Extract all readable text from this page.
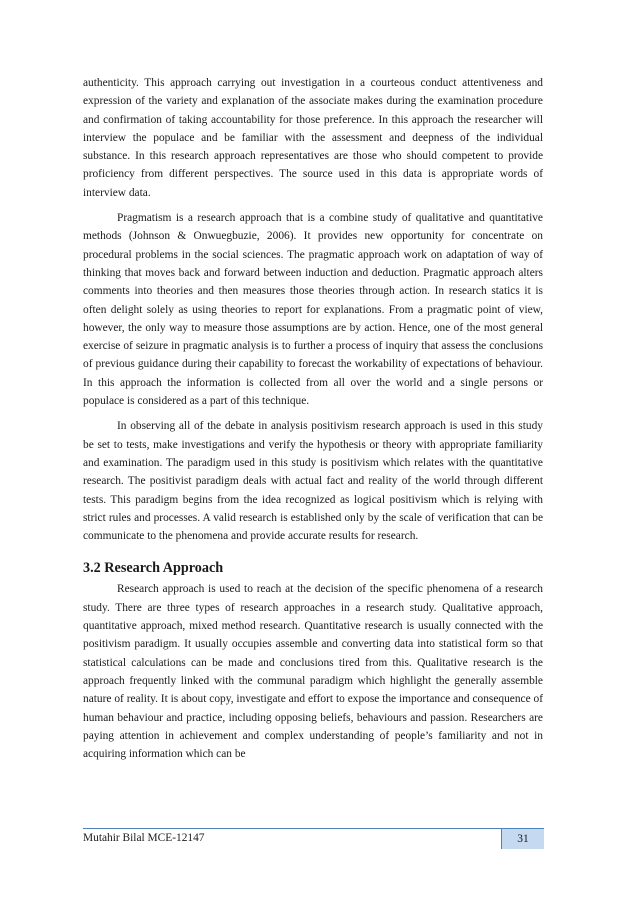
authenticity. This approach carrying out investigation in a courteous conduct attentiveness and expression of the variety and explanation of the associate makes during the examination procedure and confirmation of taking accountability for those preference. In this approach the researcher will interview the populace and be familiar with the assessment and deepness of the individual substance. In this research approach representatives are those who should competent to provide proficiency from different perspectives. The source used in this data is appropriate words of interview data.

Pragmatism is a research approach that is a combine study of qualitative and quantitative methods (Johnson & Onwuegbuzie, 2006). It provides new opportunity for concentrate on procedural problems in the social sciences. The pragmatic approach work on adaptation of way of thinking that moves back and forward between induction and deduction. Pragmatic approach alters comments into theories and then measures those theories through action. In research statics it is often delight solely as using theories to report for explanations. From a pragmatic point of view, however, the only way to measure those assumptions are by action. Hence, one of the most general exercise of seizure in pragmatic analysis is to further a process of inquiry that assess the conclusions of previous guidance during their capability to forecast the workability of expectations of behaviour. In this approach the information is collected from all over the world and a single persons or populace is considered as a part of this technique.

In observing all of the debate in analysis positivism research approach is used in this study be set to tests, make investigations and verify the hypothesis or theory with appropriate familiarity and examination. The paradigm used in this study is positivism which relates with the quantitative research. The positivist paradigm deals with actual fact and reality of the world through different tests. This paradigm begins from the idea recognized as logical positivism which is relying with strict rules and processes. A valid research is established only by the scale of verification that can be communicate to the phenomena and provide accurate results for research.

3.2 Research Approach

Research approach is used to reach at the decision of the specific phenomena of a research study. There are three types of research approaches in a research study. Qualitative approach, quantitative approach, mixed method research. Quantitative research is usually connected with the positivism paradigm. It usually occupies assemble and converting data into statistical form so that statistical calculations can be made and conclusions tired from this. Qualitative research is the approach frequently linked with the communal paradigm which highlight the generally assemble nature of reality. It is about copy, investigate and effort to expose the importance and consequence of human behaviour and practice, including opposing beliefs, behaviours and passion. Researchers are paying attention in achievement and complex understanding of people’s familiarity and not in acquiring information which can be

Mutahir Bilal MCE-12147	31
